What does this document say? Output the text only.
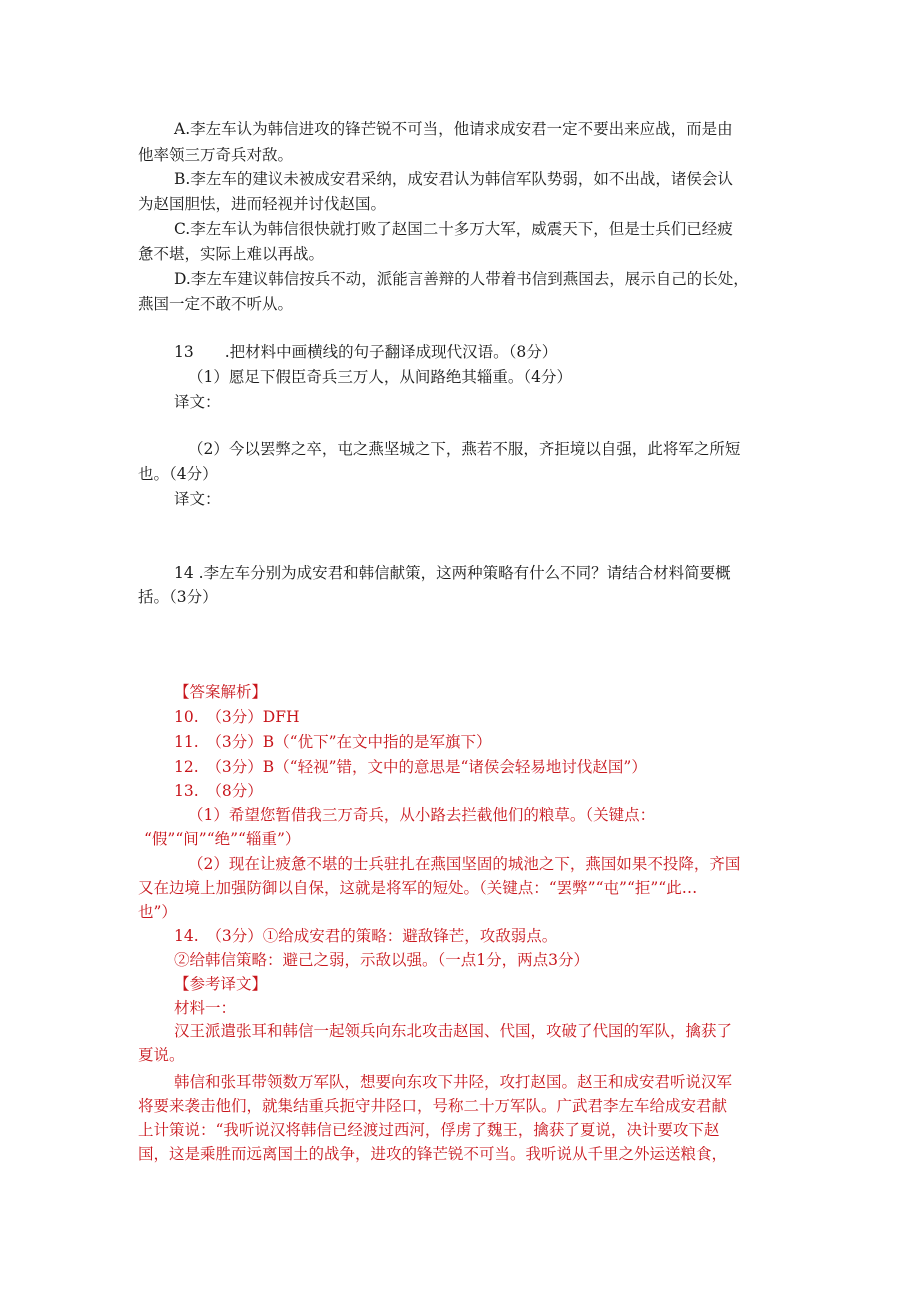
A.李左车认为韩信进攻的锋芒锐不可当，他请求成安君一定不要出来应战，而是由
他率领三万奇兵对敌。
B.李左车的建议未被成安君采纳，成安君认为韩信军队势弱，如不出战，诸侯会认
为赵国胆怯，进而轻视并讨伐赵国。
C.李左车认为韩信很快就打败了赵国二十多万大军，威震天下，但是士兵们已经疲
惫不堪，实际上难以再战。
D.李左车建议韩信按兵不动，派能言善辩的人带着书信到燕国去，展示自己的长处，
燕国一定不敢不听从。
13　　.把材料中画横线的句子翻译成现代汉语。（8分）
（1）愿足下假臣奇兵三万人，从间路绝其辎重。（4分）
译文：
（2）今以罢弊之卒，屯之燕坚城之下，燕若不服，齐拒境以自强，此将军之所短
也。（4分）
译文：
14 .李左车分别为成安君和韩信献策，这两种策略有什么不同？请结合材料简要概
括。（3分）
【答案解析】
10.　（3分）DFH
11.　（3分）B（“优下”在文中指的是军旗下）
12.　（3分）B（“轻视”错，文中的意思是“诸侯会轻易地讨伐赵国”）
13.　（8分）
（1）希望您暂借我三万奇兵，从小路去拦截他们的粮草。（关键点：
“假”“间”“绝”“辎重”）
（2）现在让疲惫不堪的士兵驻扎在燕国坚固的城池之下，燕国如果不投降，齐国
又在边境上加强防御以自保，这就是将军的短处。（关键点：“罢弊”“屯”“拒”“此…
也”）
14.　（3分）①给成安君的策略：避敌锋芒，攻敌弱点。
②给韩信策略：避己之弱，示敌以强。（一点1分，两点3分）
【参考译文】
材料一：
汉王派遣张耳和韩信一起领兵向东北攻击赵国、代国，攻破了代国的军队，擒获了
夏说。
韩信和张耳带领数万军队，想要向东攻下井陉，攻打赵国。赵王和成安君听说汉军
将要来袭击他们，就集结重兵扼守井陉口，号称二十万军队。广武君李左车给成安君献
上计策说：“我听说汉将韩信已经渡过西河，俘虏了魏王，擒获了夏说，决计要攻下赵
国，这是乘胜而远离国土的战争，进攻的锋芒锐不可当。我听说从千里之外运送粮食，
